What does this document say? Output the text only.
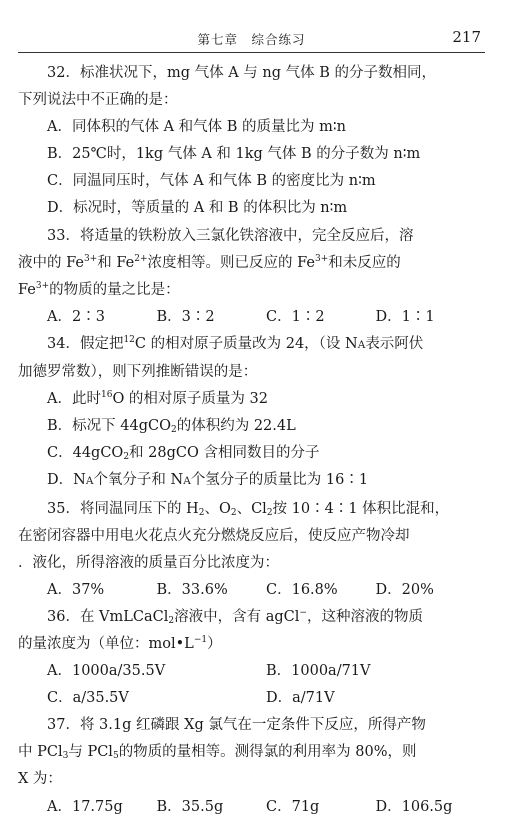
第七章　综合练习	217

32．标准状况下，mg 气体 A 与 ng 气体 B 的分子数相同，

下列说法中不正确的是：

A．同体积的气体 A 和气体 B 的质量比为 m∶n

B．25℃时，1kg 气体 A 和 1kg 气体 B 的分子数为 n∶m

C．同温同压时，气体 A 和气体 B 的密度比为 n∶m

D．标况时，等质量的 A 和 B 的体积比为 n∶m

33．将适量的铁粉放入三氯化铁溶液中，完全反应后，溶

液中的 $Fe^{3+}$和 $Fe^{2+}$浓度相等。则已反应的 $Fe^{3+}$和未反应的

$Fe^{3+}$的物质的量之比是：

A．2∶3	B．3∶2	C．1∶2	D．1∶1

34．假定把$^{12}$C 的相对原子质量改为 24，（设 NA表示阿伏

加德罗常数），则下列推断错误的是：

A．此时$^{16}$O 的相对原子质量为 32

B．标况下 44gCO$_2$的体积约为 22.4L

C．44gCO$_2$和 28gCO 含相同数目的分子

D．NA个氧分子和 NA个氢分子的质量比为 16∶1

35．将同温同压下的 $H_2$、$O_2$、$Cl_2$按 10∶4∶1 体积比混和，

在密闭容器中用电火花点火充分燃烧反应后，使反应产物冷却

．液化，所得溶液的质量百分比浓度为：

A．37%	B．33.6%	C．16.8%	D．20%

36．在 VmLCaCl$_2$溶液中，含有 agCl−，这种溶液的物质

的量浓度为（单位：$mol•L^{-1}$）

A．1000a/35.5V	B．1000a/71V
C．a/35.5V	D．a/71V

37．将 3.1g 红磷跟 Xg 氯气在一定条件下反应，所得产物

中 PCl$_3$与 PCl$_5$的物质的量相等。测得氯的利用率为 80%，则

X 为：

A．17.75g	B．35.5g	C．71g	D．106.5g
